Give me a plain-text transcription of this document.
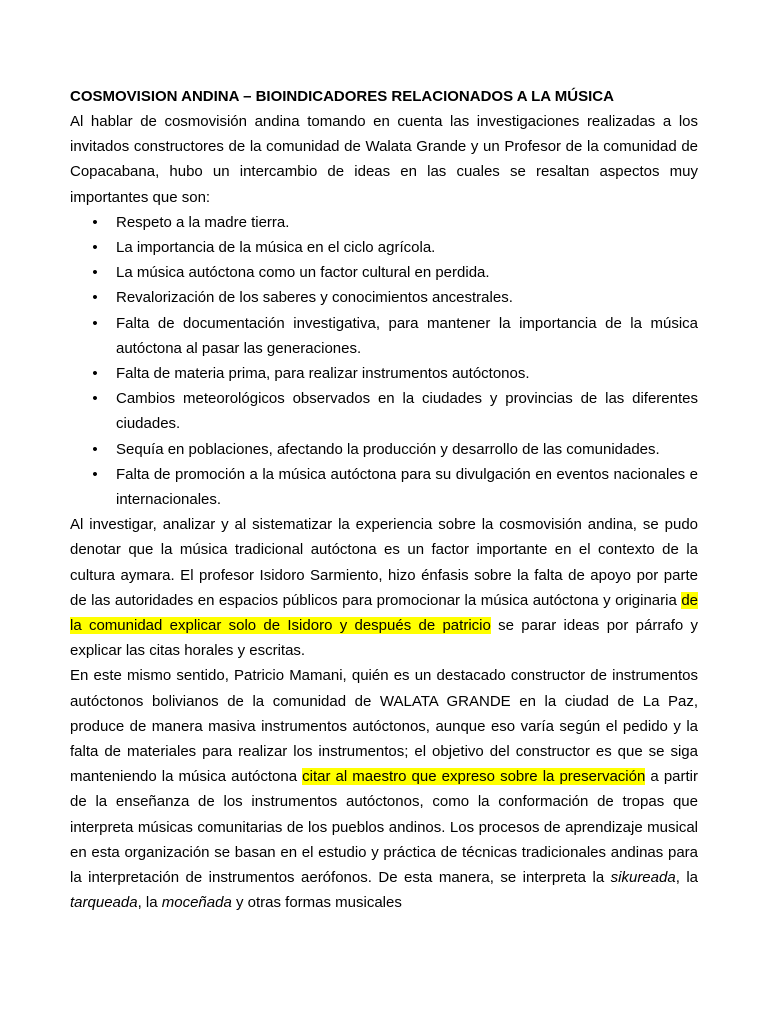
COSMOVISION ANDINA – BIOINDICADORES RELACIONADOS A LA MÚSICA

Al hablar de cosmovisión andina tomando en cuenta las investigaciones realizadas a los invitados constructores de la comunidad de Walata Grande y un Profesor de la comunidad de Copacabana, hubo un intercambio de ideas en las cuales se resaltan aspectos muy importantes que son:

• Respeto a la madre tierra.
• La importancia de la música en el ciclo agrícola.
• La música autóctona como un factor cultural en perdida.
• Revalorización de los saberes y conocimientos ancestrales.
• Falta de documentación investigativa, para mantener la importancia de la música autóctona al pasar las generaciones.
• Falta de materia prima, para realizar instrumentos autóctonos.
• Cambios meteorológicos observados en la ciudades y provincias de las diferentes ciudades.
• Sequía en poblaciones, afectando la producción y desarrollo de las comunidades.
• Falta de promoción a la música autóctona para su divulgación en eventos nacionales e internacionales.

Al investigar, analizar y al sistematizar la experiencia sobre la cosmovisión andina, se pudo denotar que la música tradicional autóctona es un factor importante en el contexto de la cultura aymara. El profesor Isidoro Sarmiento, hizo énfasis sobre la falta de apoyo por parte de las autoridades en espacios públicos para promocionar la música autóctona y originaria de la comunidad explicar solo de Isidoro y después de patricio se parar ideas por párrafo y explicar las citas horales y escritas.

En este mismo sentido, Patricio Mamani, quién es un destacado constructor de instrumentos autóctonos bolivianos de la comunidad de WALATA GRANDE en la ciudad de La Paz, produce de manera masiva instrumentos autóctonos, aunque eso varía según el pedido y la falta de materiales para realizar los instrumentos; el objetivo del constructor es que se siga manteniendo la música autóctona citar al maestro que expreso sobre la preservación a partir de la enseñanza de los instrumentos autóctonos, como la conformación de tropas que interpreta músicas comunitarias de los pueblos andinos. Los procesos de aprendizaje musical en esta organización se basan en el estudio y práctica de técnicas tradicionales andinas para la interpretación de instrumentos aerófonos. De esta manera, se interpreta la sikureada, la tarqueada, la moceñada y otras formas musicales
